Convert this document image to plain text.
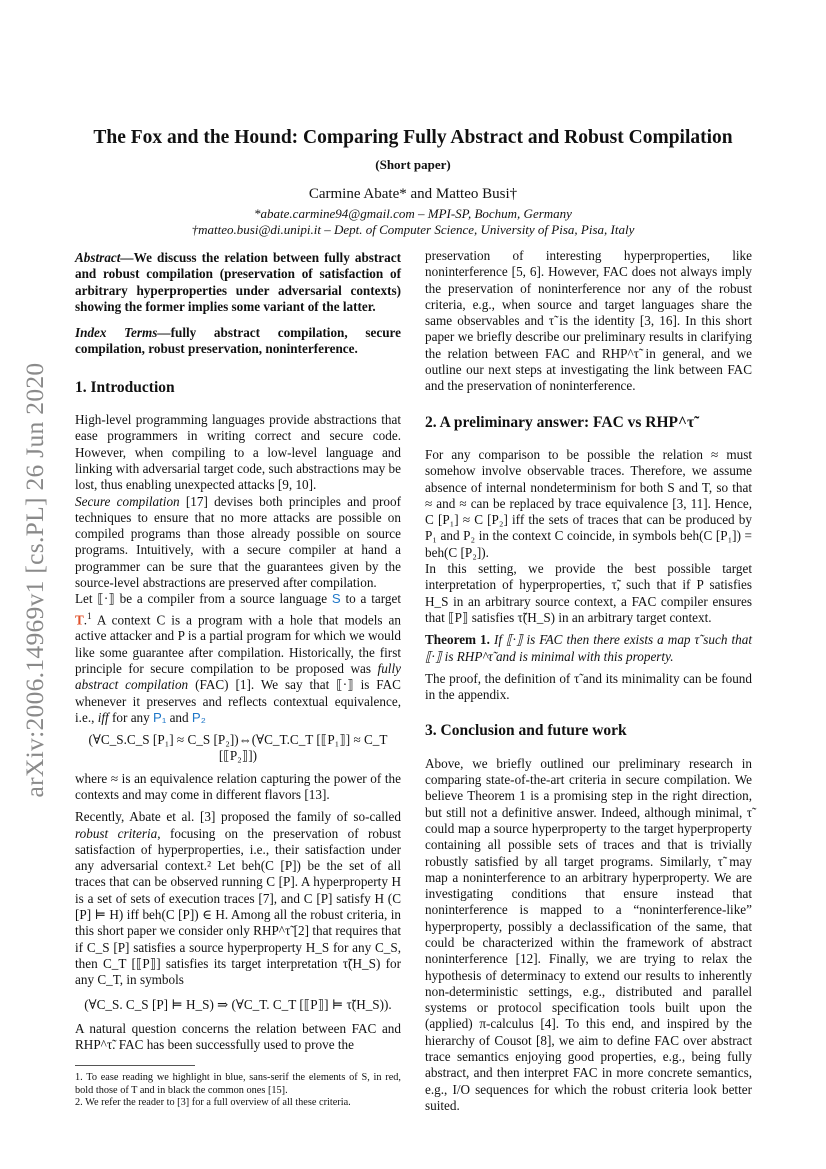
arXiv:2006.14969v1 [cs.PL] 26 Jun 2020
The Fox and the Hound: Comparing Fully Abstract and Robust Compilation
(Short paper)
Carmine Abate* and Matteo Busi†
*abate.carmine94@gmail.com – MPI-SP, Bochum, Germany
†matteo.busi@di.unipi.it – Dept. of Computer Science, University of Pisa, Pisa, Italy

Abstract—We discuss the relation between fully abstract and robust compilation (preservation of satisfaction of arbitrary hyperproperties under adversarial contexts) showing the former implies some variant of the latter.

Index Terms—fully abstract compilation, secure compilation, robust preservation, noninterference.

1. Introduction

High-level programming languages provide abstractions that ease programmers in writing correct and secure code. However, when compiling to a low-level language and linking with adversarial target code, such abstractions may be lost, thus enabling unexpected attacks [9, 10].

Secure compilation [17] devises both principles and proof techniques to ensure that no more attacks are possible on compiled programs than those already possible on source programs. Intuitively, with a secure compiler at hand a programmer can be sure that the guarantees given by the source-level abstractions are preserved after compilation.

Let ⟦·⟧ be a compiler from a source language S to a target T.$^1$ A context C is a program with a hole that models an active attacker and P is a partial program for which we would like some guarantee after compilation. Historically, the first principle for secure compilation to be proposed was fully abstract compilation (FAC) [1]. We say that ⟦·⟧ is FAC whenever it preserves and reflects contextual equivalence, i.e., iff for any P₁ and P₂

(∀C_S.C_S [P₁] ≈ C_S [P₂])⇔(∀C_T.C_T [⟦P₁⟧] ≈ C_T [⟦P₂⟧])

where ≈ is an equivalence relation capturing the power of the contexts and may come in different flavors [13].

Recently, Abate et al. [3] proposed the family of so-called robust criteria, focusing on the preservation of robust satisfaction of hyperproperties, i.e., their satisfaction under any adversarial context.² Let beh(C [P]) be the set of all traces that can be observed running C [P]. A hyperproperty H is a set of sets of execution traces [7], and C [P] satisfy H (C [P] ⊨ H) iff beh(C [P]) ∈ H. Among all the robust criteria, in this short paper we consider only RHP^τ̃ [2] that requires that if C_S [P] satisfies a source hyperproperty H_S for any C_S, then C_T [⟦P⟧] satisfies its target interpretation τ̃(H_S) for any C_T, in symbols

(∀C_S. C_S [P] ⊨ H_S) ⇒ (∀C_T. C_T [⟦P⟧] ⊨ τ̃(H_S)).

A natural question concerns the relation between FAC and RHP^τ̃. FAC has been successfully used to prove the

1. To ease reading we highlight in blue, sans-serif the elements of S, in red, bold those of T and in black the common ones [15].

2. We refer the reader to [3] for a full overview of all these criteria.

preservation of interesting hyperproperties, like noninterference [5, 6]. However, FAC does not always imply the preservation of noninterference nor any of the robust criteria, e.g., when source and target languages share the same observables and τ̃ is the identity [3, 16]. In this short paper we briefly describe our preliminary results in clarifying the relation between FAC and RHP^τ̃ in general, and we outline our next steps at investigating the link between FAC and the preservation of noninterference.

2. A preliminary answer: FAC vs RHP^τ̃

For any comparison to be possible the relation ≈ must somehow involve observable traces. Therefore, we assume absence of internal nondeterminism for both S and T, so that ≈ and ≈ can be replaced by trace equivalence [3, 11]. Hence, C [P₁] ≈ C [P₂] iff the sets of traces that can be produced by P₁ and P₂ in the context C coincide, in symbols beh(C [P₁]) = beh(C [P₂]).

In this setting, we provide the best possible target interpretation of hyperproperties, τ̃, such that if P satisfies H_S in an arbitrary source context, a FAC compiler ensures that ⟦P⟧ satisfies τ̃(H_S) in an arbitrary target context.

Theorem 1. If ⟦·⟧ is FAC then there exists a map τ̃ such that ⟦·⟧ is RHP^τ̃ and is minimal with this property.

The proof, the definition of τ̃ and its minimality can be found in the appendix.

3. Conclusion and future work

Above, we briefly outlined our preliminary research in comparing state-of-the-art criteria in secure compilation. We believe Theorem 1 is a promising step in the right direction, but still not a definitive answer. Indeed, although minimal, τ̃ could map a source hyperproperty to the target hyperproperty containing all possible sets of traces and that is trivially robustly satisfied by all target programs. Similarly, τ̃ may map a noninterference to an arbitrary hyperproperty. We are investigating conditions that ensure instead that noninterference is mapped to a “noninterference-like” hyperproperty, possibly a declassification of the same, that could be characterized within the framework of abstract noninterference [12]. Finally, we are trying to relax the hypothesis of determinacy to extend our results to inherently non-deterministic settings, e.g., distributed and parallel systems or protocol specification tools built upon the (applied) π-calculus [4]. To this end, and inspired by the hierarchy of Cousot [8], we aim to define FAC over abstract trace semantics enjoying good properties, e.g., being fully abstract, and then interpret FAC in more concrete semantics, e.g., I/O sequences for which the robust criteria look better suited.
